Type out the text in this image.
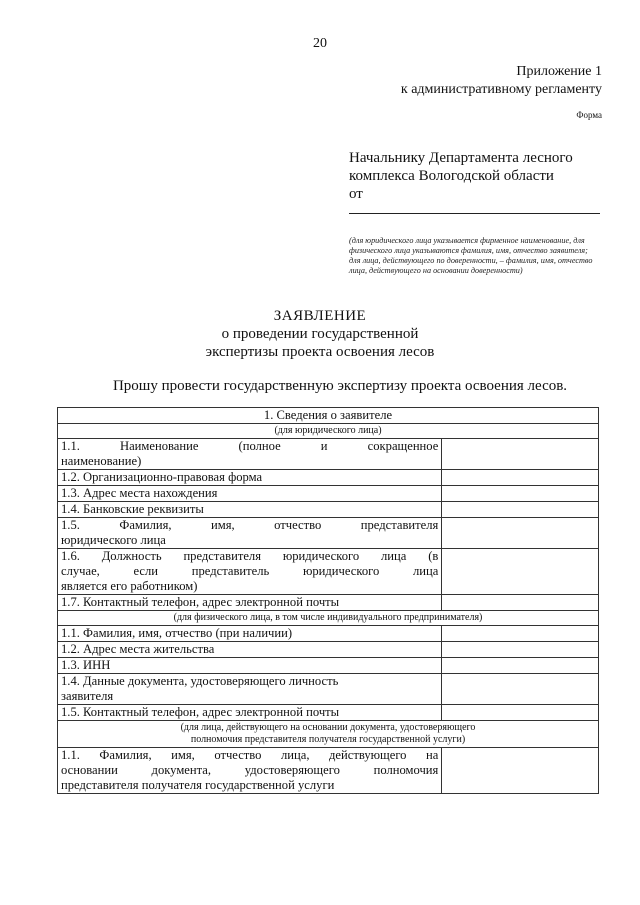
20
Приложение 1
к административному регламенту
Форма
Начальнику Департамента лесного
комплекса Вологодской области
от
(для юридического лица указывается фирменное наименование, для физического лица указываются фамилия, имя, отчество заявителя; для лица, действующего по доверенности, – фамилия, имя, отчество лица, действующего на основании доверенности)
ЗАЯВЛЕНИЕ
о проведении государственной
экспертизы проекта освоения лесов
Прошу провести государственную экспертизу проекта освоения лесов.
1. Сведения о заявителе	
(для юридического лица)	

1.1. Наименование (полное и сокращенное
наименование)	
1.2. Организационно-правовая форма	
1.3. Адрес места нахождения	
1.4. Банковские реквизиты	

1.5. Фамилия, имя, отчество представителя
юридического лица	

1.6. Должность представителя юридического лица (в
случае, если представитель юридического лица
является его работником)	
1.7. Контактный телефон, адрес электронной почты	
(для физического лица, в том числе индивидуального предпринимателя)	
1.1. Фамилия, имя, отчество (при наличии)	
1.2. Адрес места жительства	
1.3. ИНН	
1.4. Данные документа, удостоверяющего личность
заявителя	
1.5. Контактный телефон, адрес электронной почты	

(для лица, действующего на основании документа, удостоверяющего
полномочия представителя получателя государственной услуги)	

1.1. Фамилия, имя, отчество лица, действующего на
основании документа, удостоверяющего полномочия
представителя получателя государственной услуги	
